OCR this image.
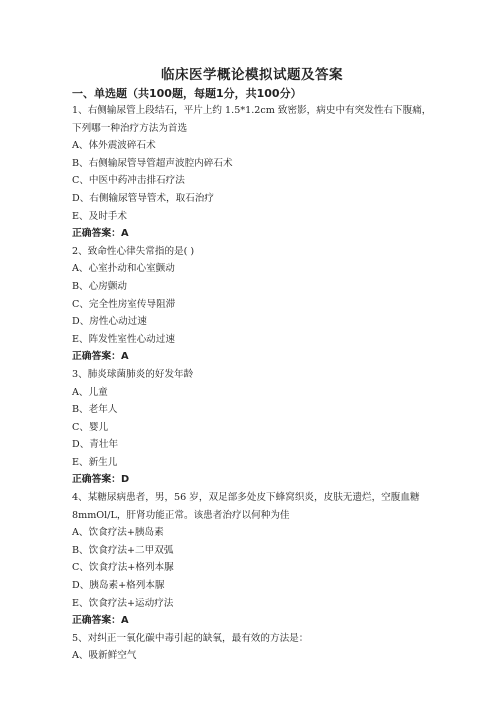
临床医学概论模拟试题及答案
一、单选题（共100题，每题1分，共100分）

1、右侧输尿管上段结石，平片上约 1.5*1.2cm 致密影，病史中有突发性右下腹痛，下列哪一种治疗方法为首选

A、体外震波碎石术

B、右侧输尿管导管超声波腔内碎石术

C、中医中药冲击排石疗法

D、右侧输尿管导管术，取石治疗

E、及时手术

正确答案：A

2、致命性心律失常指的是( )

A、心室扑动和心室颤动

B、心房颤动

C、完全性房室传导阻滞

D、房性心动过速

E、阵发性室性心动过速

正确答案：A

3、肺炎球菌肺炎的好发年龄

A、儿童

B、老年人

C、婴儿

D、青壮年

E、新生儿

正确答案：D

4、某糖尿病患者，男，56 岁，双足部多处皮下蜂窝织炎，皮肤无遗烂，空腹血糖 8mmOl/L，肝肾功能正常。该患者治疗以何种为佳

A、饮食疗法+胰岛素

B、饮食疗法+二甲双弧

C、饮食疗法+格列本脲

D、胰岛素+格列本脲

E、饮食疗法+运动疗法

正确答案：A

5、对纠正一氧化碳中毒引起的缺氧，最有效的方法是：

A、吸新鲜空气
